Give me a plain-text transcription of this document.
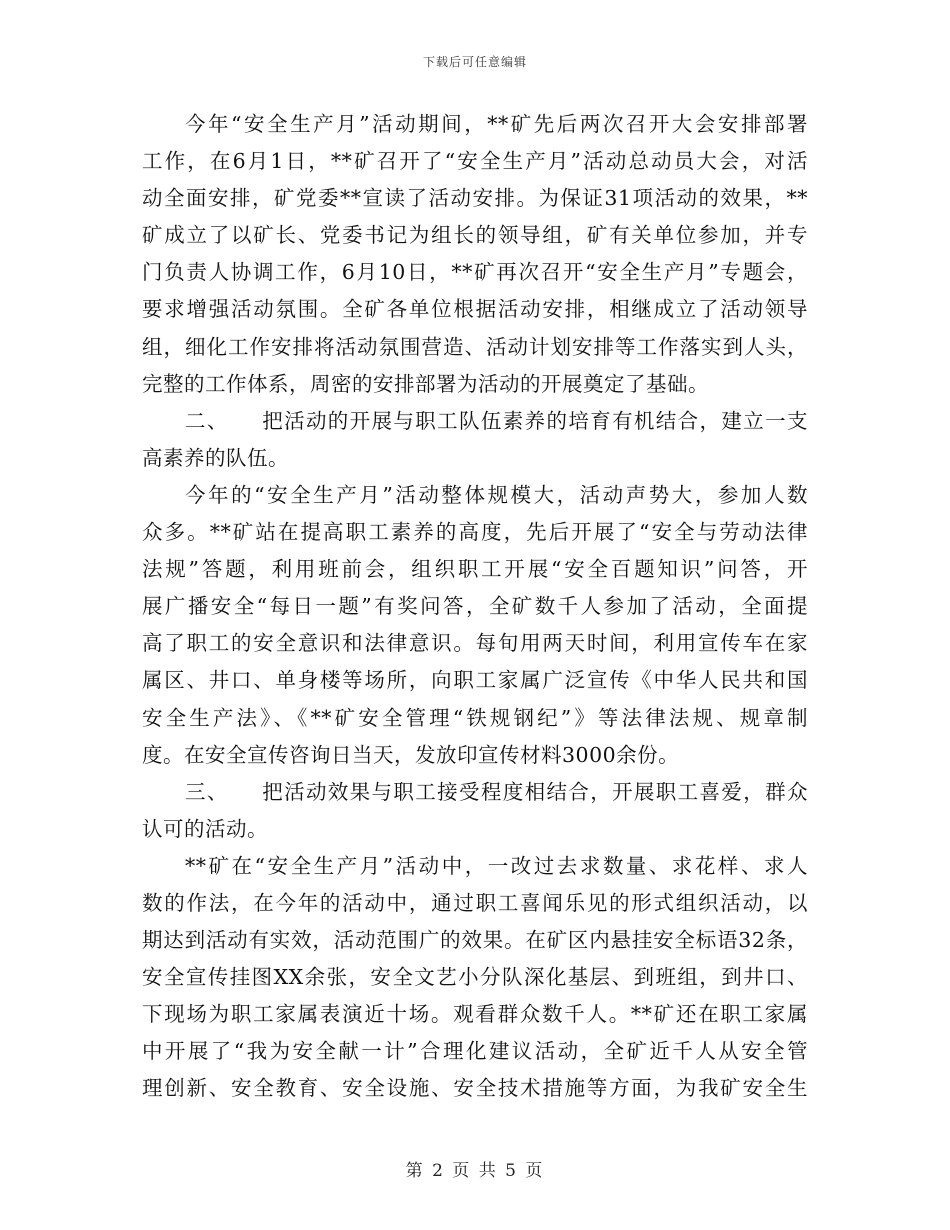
下载后可任意编辑
今年“安全生产月”活动期间，**矿先后两次召开大会安排部署
工作，在6月1日，**矿召开了“安全生产月”活动总动员大会，对活
动全面安排，矿党委**宣读了活动安排。为保证31项活动的效果，**
矿成立了以矿长、党委书记为组长的领导组，矿有关单位参加，并专
门负责人协调工作，6月10日，**矿再次召开“安全生产月”专题会，
要求增强活动氛围。全矿各单位根据活动安排，相继成立了活动领导
组，细化工作安排将活动氛围营造、活动计划安排等工作落实到人头，
完整的工作体系，周密的安排部署为活动的开展奠定了基础。
二、　　把活动的开展与职工队伍素养的培育有机结合，建立一支
高素养的队伍。
今年的“安全生产月”活动整体规模大，活动声势大，参加人数
众多。**矿站在提高职工素养的高度，先后开展了“安全与劳动法律
法规”答题，利用班前会，组织职工开展“安全百题知识”问答，开
展广播安全“每日一题”有奖问答，全矿数千人参加了活动，全面提
高了职工的安全意识和法律意识。每旬用两天时间，利用宣传车在家
属区、井口、单身楼等场所，向职工家属广泛宣传《中华人民共和国
安全生产法》、《**矿安全管理“铁规钢纪”》等法律法规、规章制
度。在安全宣传咨询日当天，发放印宣传材料3000余份。
三、　　把活动效果与职工接受程度相结合，开展职工喜爱，群众
认可的活动。
**矿在“安全生产月”活动中，一改过去求数量、求花样、求人
数的作法，在今年的活动中，通过职工喜闻乐见的形式组织活动，以
期达到活动有实效，活动范围广的效果。在矿区内悬挂安全标语32条，
安全宣传挂图XX余张，安全文艺小分队深化基层、到班组，到井口、
下现场为职工家属表演近十场。观看群众数千人。**矿还在职工家属
中开展了“我为安全献一计”合理化建议活动，全矿近千人从安全管
理创新、安全教育、安全设施、安全技术措施等方面，为我矿安全生
第 2 页 共 5 页
